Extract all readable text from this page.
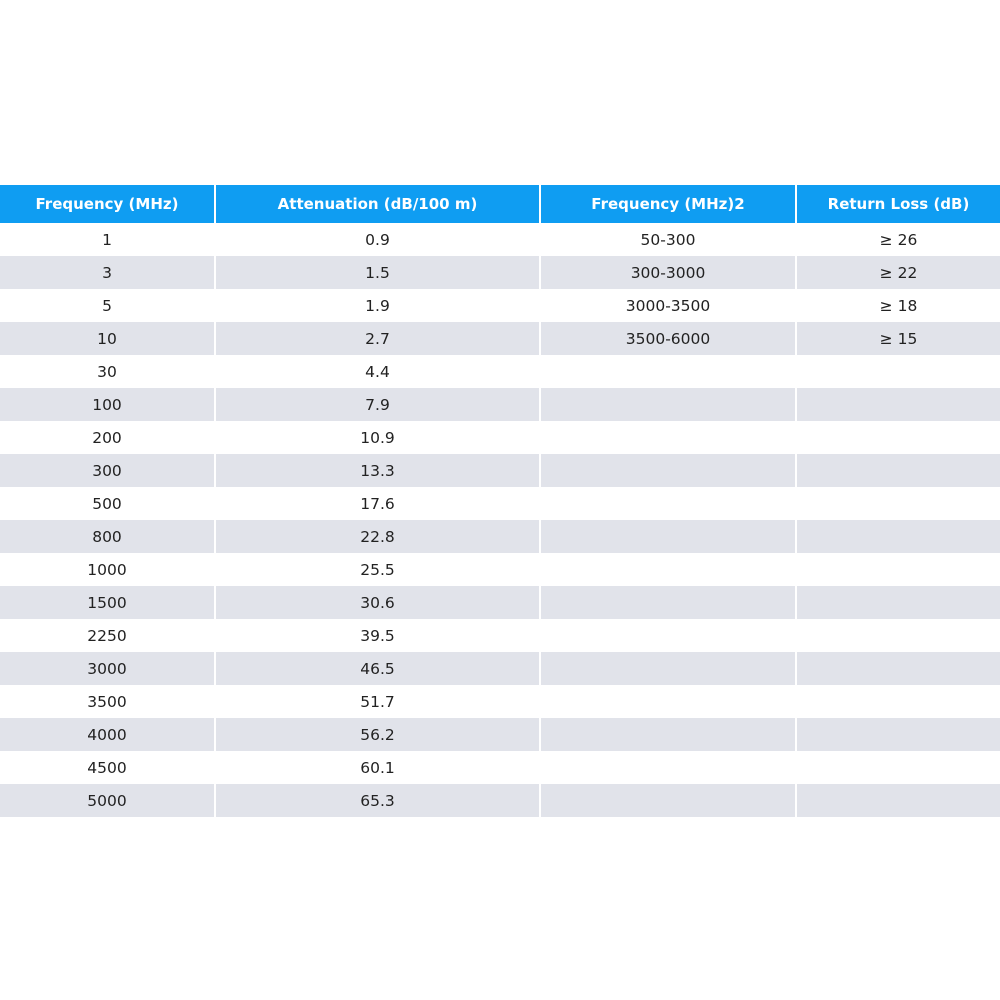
Frequency (MHz)	Attenuation (dB/100 m)	Frequency (MHz)2	Return Loss (dB)
1	0.9	50-300	≥ 26
3	1.5	300-3000	≥ 22
5	1.9	3000-3500	≥ 18
10	2.7	3500-6000	≥ 15
30	4.4		
100	7.9		
200	10.9		
300	13.3		
500	17.6		
800	22.8		
1000	25.5		
1500	30.6		
2250	39.5		
3000	46.5		
3500	51.7		
4000	56.2		
4500	60.1		
5000	65.3		
